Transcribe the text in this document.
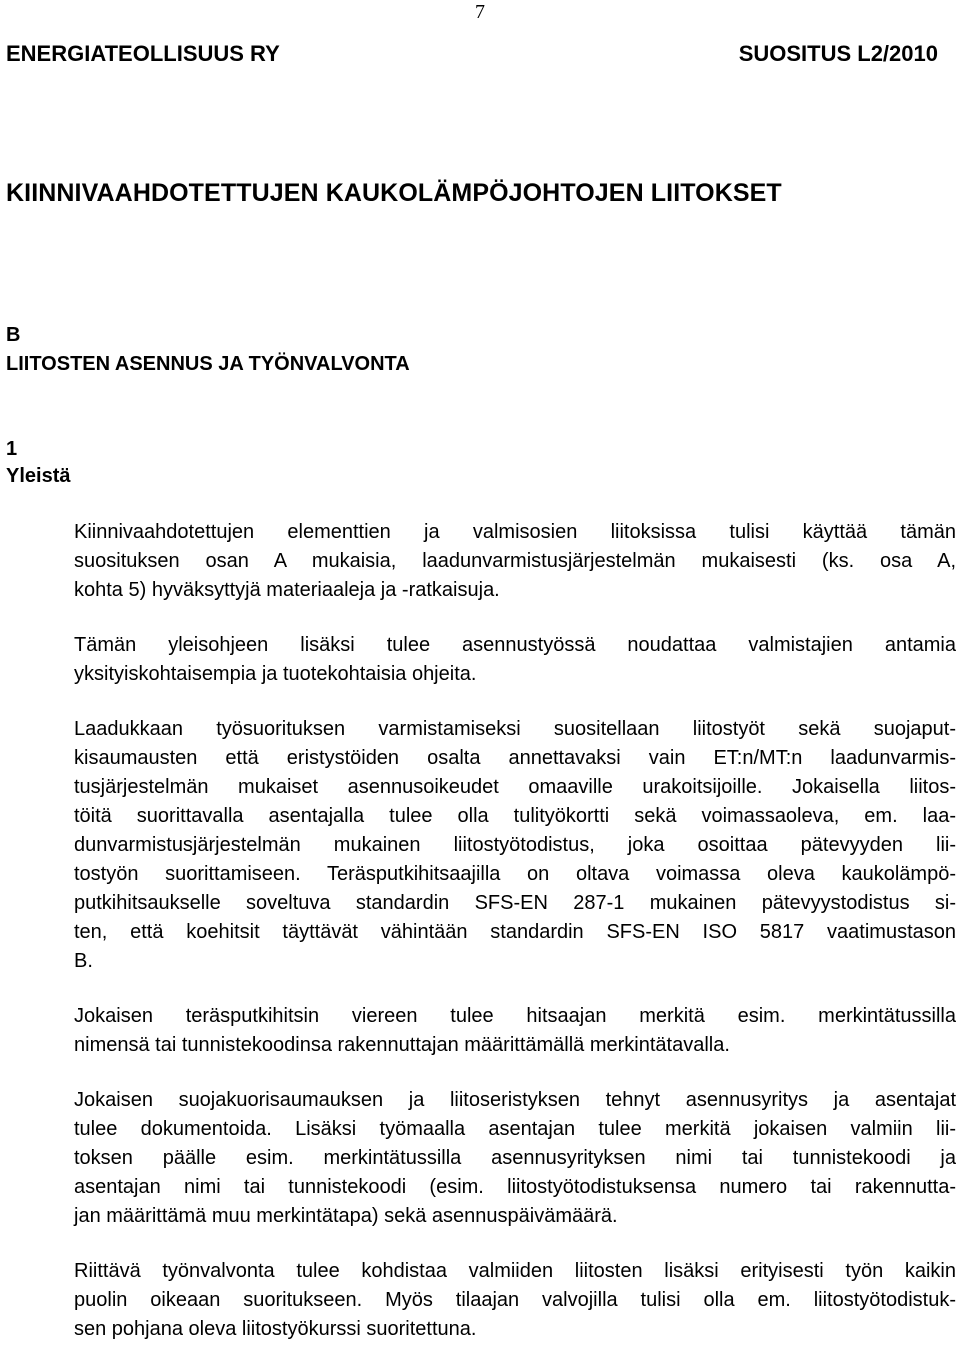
7
ENERGIATEOLLISUUS RY	SUOSITUS L2/2010
KIINNIVAAHDOTETTUJEN KAUKOLÄMPÖJOHTOJEN LIITOKSET
B
LIITOSTEN ASENNUS JA TYÖNVALVONTA
1
Yleistä

Kiinnivaahdotettujen elementtien ja valmisosien liitoksissa tulisi käyttää tämän
suosituksen osan A mukaisia, laadunvarmistusjärjestelmän mukaisesti (ks. osa A,
kohta 5) hyväksyttyjä materiaaleja ja -ratkaisuja.

Tämän yleisohjeen lisäksi tulee asennustyössä noudattaa valmistajien antamia
yksityiskohtaisempia ja tuotekohtaisia ohjeita.

Laadukkaan työsuorituksen varmistamiseksi suositellaan liitostyöt sekä suojaput-
kisaumausten että eristystöiden osalta annettavaksi vain ET:n/MT:n laadunvarmis-
tusjärjestelmän mukaiset asennusoikeudet omaaville urakoitsijoille. Jokaisella liitos-
töitä suorittavalla asentajalla tulee olla tulityökortti sekä voimassaoleva, em. laa-
dunvarmistusjärjestelmän mukainen liitostyötodistus, joka osoittaa pätevyyden lii-
tostyön suorittamiseen. Teräsputkihitsaajilla on oltava voimassa oleva kaukolämpö-
putkihitsaukselle soveltuva standardin SFS-EN 287-1 mukainen pätevyystodistus si-
ten, että koehitsit täyttävät vähintään standardin SFS-EN ISO 5817 vaatimustason
B.

Jokaisen teräsputkihitsin viereen tulee hitsaajan merkitä esim. merkintätussilla
nimensä tai tunnistekoodinsa rakennuttajan määrittämällä merkintätavalla.

Jokaisen suojakuorisaumauksen ja liitoseristyksen tehnyt asennusyritys ja asentajat
tulee dokumentoida. Lisäksi työmaalla asentajan tulee merkitä jokaisen valmiin lii-
toksen päälle esim. merkintätussilla asennusyrityksen nimi tai tunnistekoodi ja
asentajan nimi tai tunnistekoodi (esim. liitostyötodistuksensa numero tai rakennutta-
jan määrittämä muu merkintätapa) sekä asennuspäivämäärä.

Riittävä työnvalvonta tulee kohdistaa valmiiden liitosten lisäksi erityisesti työn kaikin
puolin oikeaan suoritukseen. Myös tilaajan valvojilla tulisi olla em. liitostyötodistuk-
sen pohjana oleva liitostyökurssi suoritettuna.
